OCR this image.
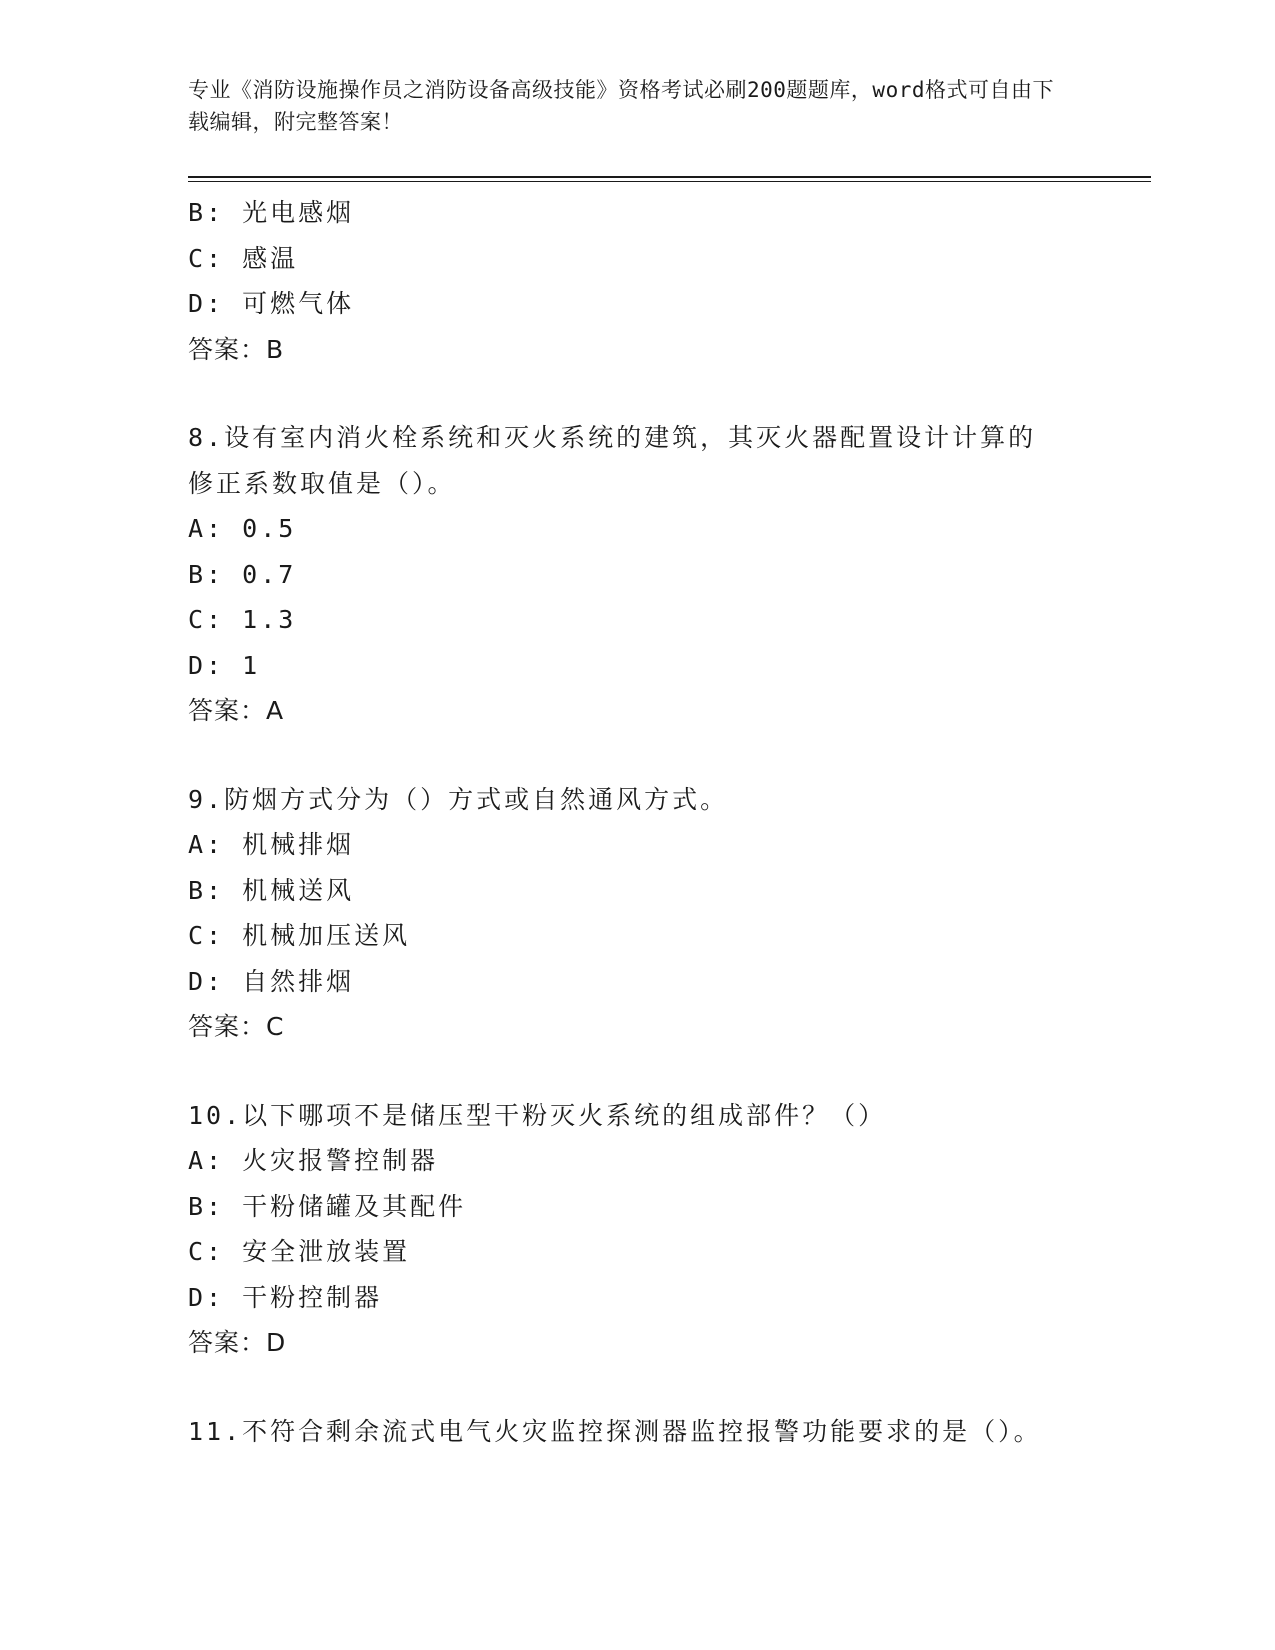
专业《消防设施操作员之消防设备高级技能》资格考试必刷200题题库，word格式可自由下载编辑，附完整答案！
B: 光电感烟
C: 感温
D: 可燃气体
答案：B
8.设有室内消火栓系统和灭火系统的建筑，其灭火器配置设计计算的修正系数取值是（）。
A: 0.5
B: 0.7
C: 1.3
D: 1
答案：A
9.防烟方式分为（）方式或自然通风方式。
A: 机械排烟
B: 机械送风
C: 机械加压送风
D: 自然排烟
答案：C
10.以下哪项不是储压型干粉灭火系统的组成部件？（）
A: 火灾报警控制器
B: 干粉储罐及其配件
C: 安全泄放装置
D: 干粉控制器
答案：D
11.不符合剩余流式电气火灾监控探测器监控报警功能要求的是（）。
